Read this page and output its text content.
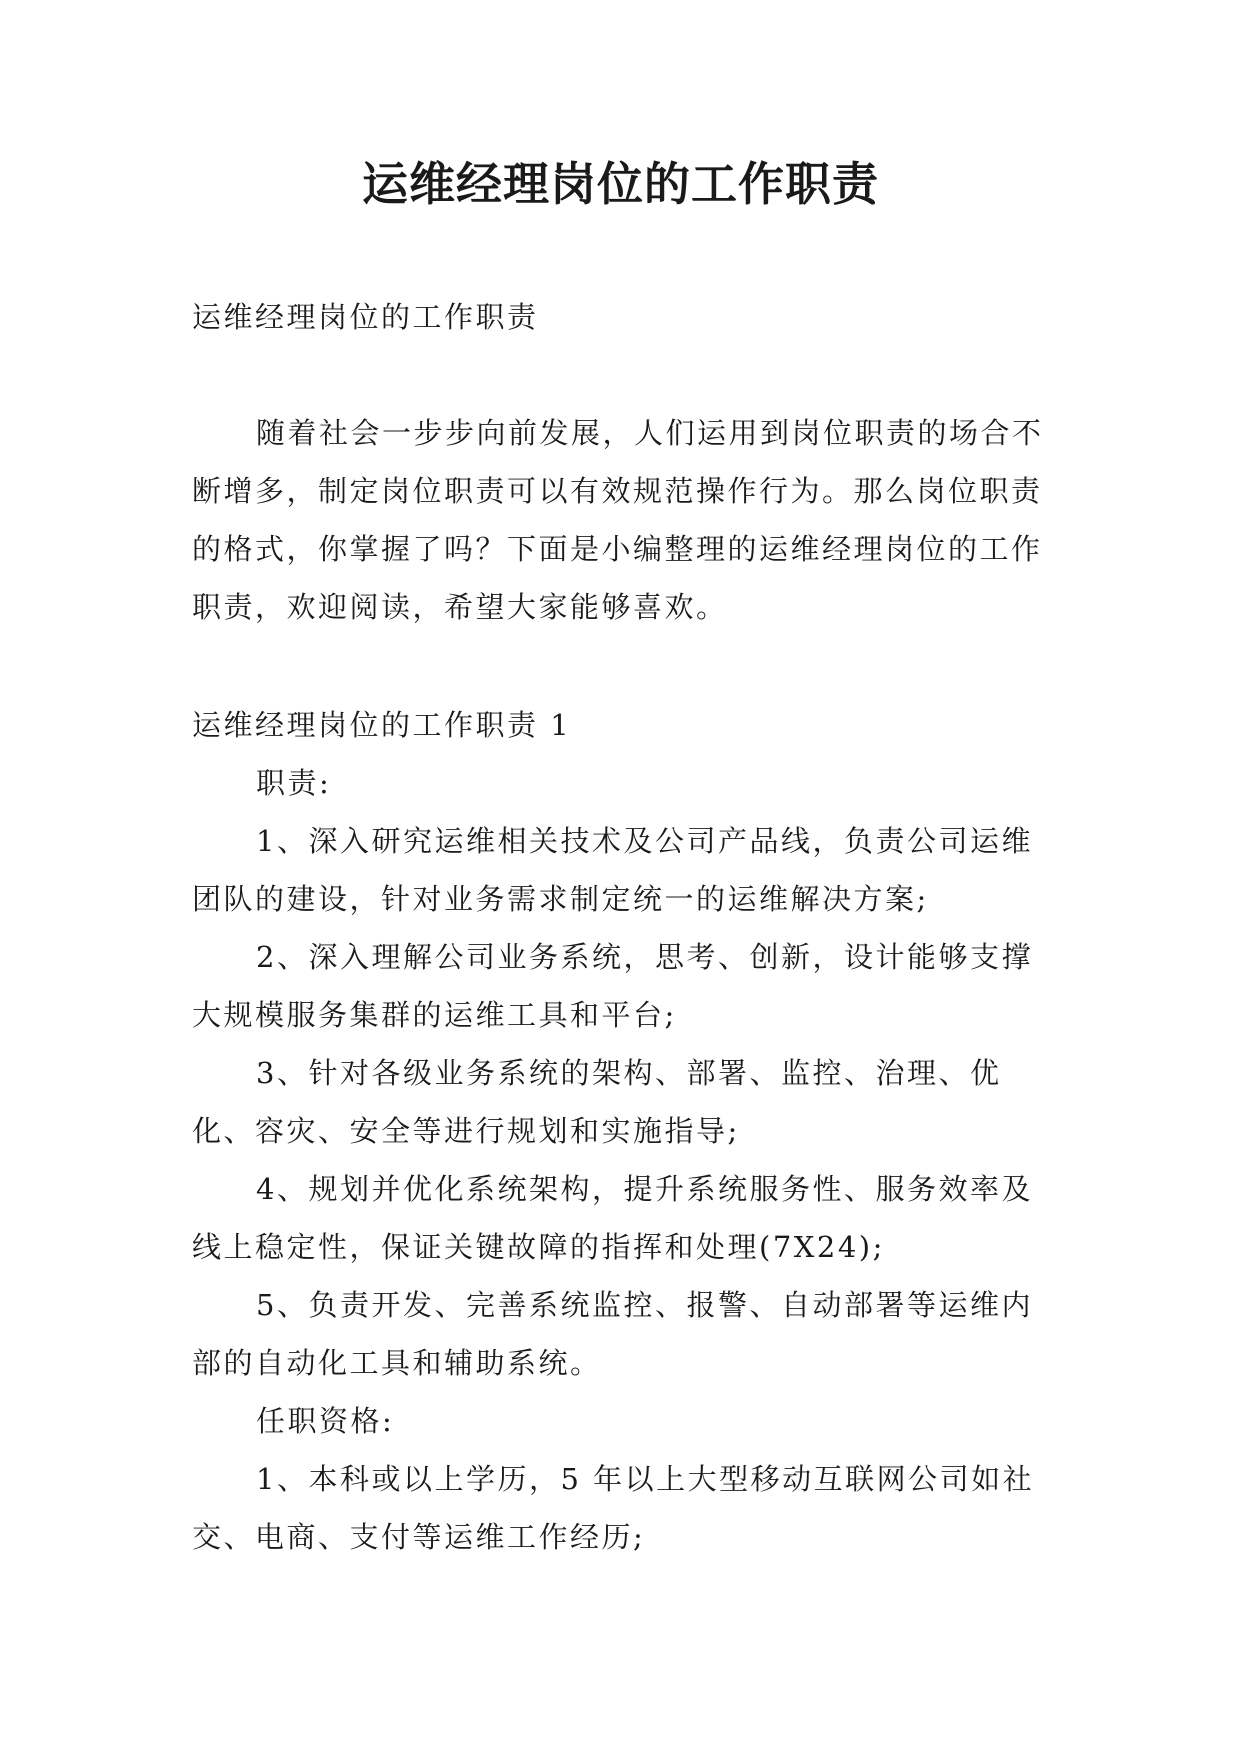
运维经理岗位的工作职责

运维经理岗位的工作职责

随着社会一步步向前发展，人们运用到岗位职责的场合不断增多，制定岗位职责可以有效规范操作行为。那么岗位职责的格式，你掌握了吗？下面是小编整理的运维经理岗位的工作职责，欢迎阅读，希望大家能够喜欢。

运维经理岗位的工作职责 1

职责:

1、深入研究运维相关技术及公司产品线，负责公司运维团队的建设，针对业务需求制定统一的运维解决方案;

2、深入理解公司业务系统，思考、创新，设计能够支撑大规模服务集群的运维工具和平台;

3、针对各级业务系统的架构、部署、监控、治理、优化、容灾、安全等进行规划和实施指导;

4、规划并优化系统架构，提升系统服务性、服务效率及线上稳定性，保证关键故障的指挥和处理(7X24);

5、负责开发、完善系统监控、报警、自动部署等运维内部的自动化工具和辅助系统。

任职资格:

1、本科或以上学历，5 年以上大型移动互联网公司如社交、电商、支付等运维工作经历;
